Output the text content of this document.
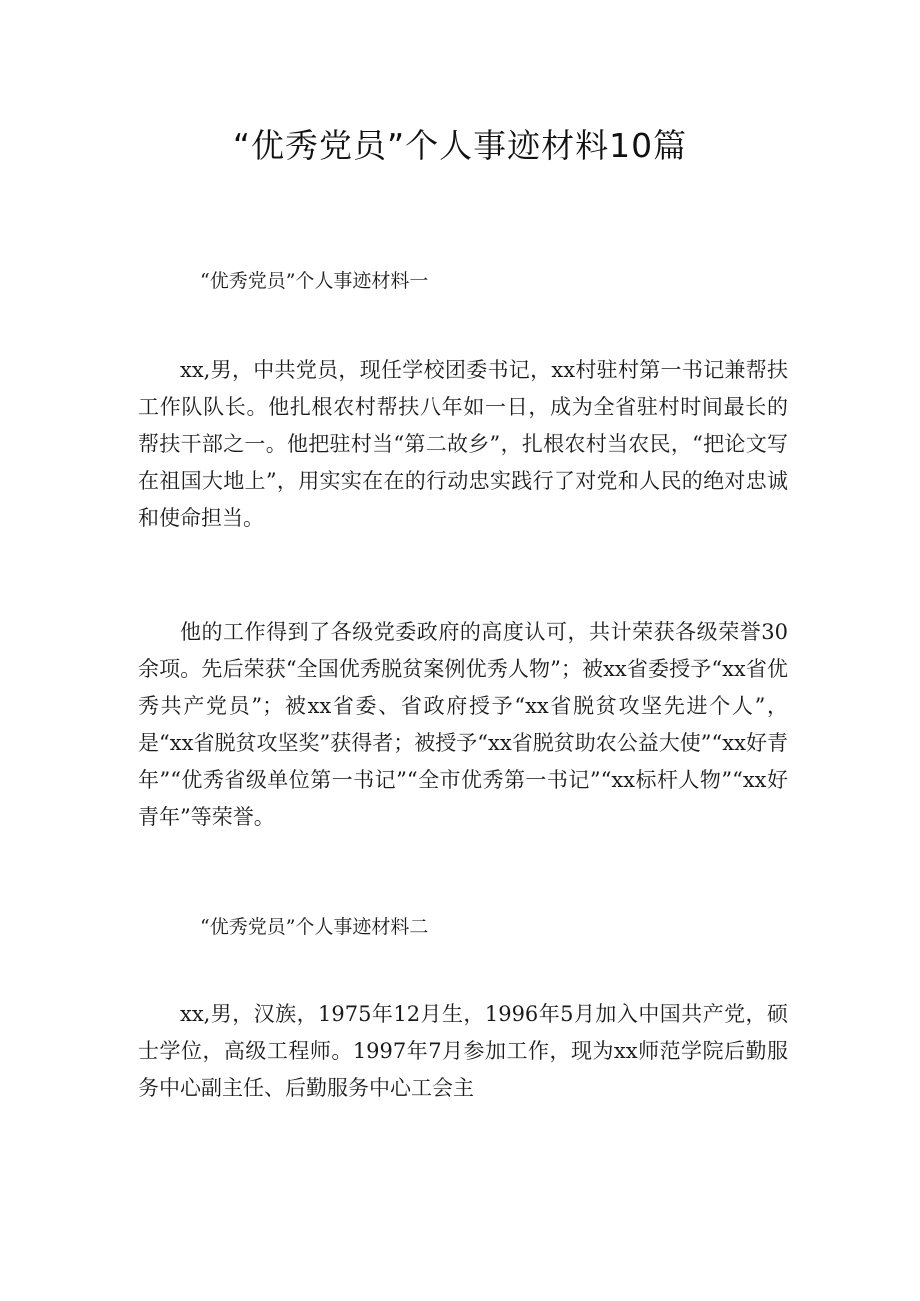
“优秀党员”个人事迹材料10篇
“优秀党员”个人事迹材料一

xx,男，中共党员，现任学校团委书记，xx村驻村第一书记兼帮扶工作队队长。他扎根农村帮扶八年如一日，成为全省驻村时间最长的帮扶干部之一。他把驻村当“第二故乡”，扎根农村当农民，“把论文写在祖国大地上”，用实实在在的行动忠实践行了对党和人民的绝对忠诚和使命担当。

他的工作得到了各级党委政府的高度认可，共计荣获各级荣誉30余项。先后荣获“全国优秀脱贫案例优秀人物”；被xx省委授予“xx省优秀共产党员”；被xx省委、省政府授予“xx省脱贫攻坚先进个人”，是“xx省脱贫攻坚奖”获得者；被授予“xx省脱贫助农公益大使”“xx好青年”“优秀省级单位第一书记”“全市优秀第一书记”“xx标杆人物”“xx好青年”等荣誉。

“优秀党员”个人事迹材料二

xx,男，汉族，1975年12月生，1996年5月加入中国共产党，硕士学位，高级工程师。1997年7月参加工作，现为xx师范学院后勤服务中心副主任、后勤服务中心工会主
